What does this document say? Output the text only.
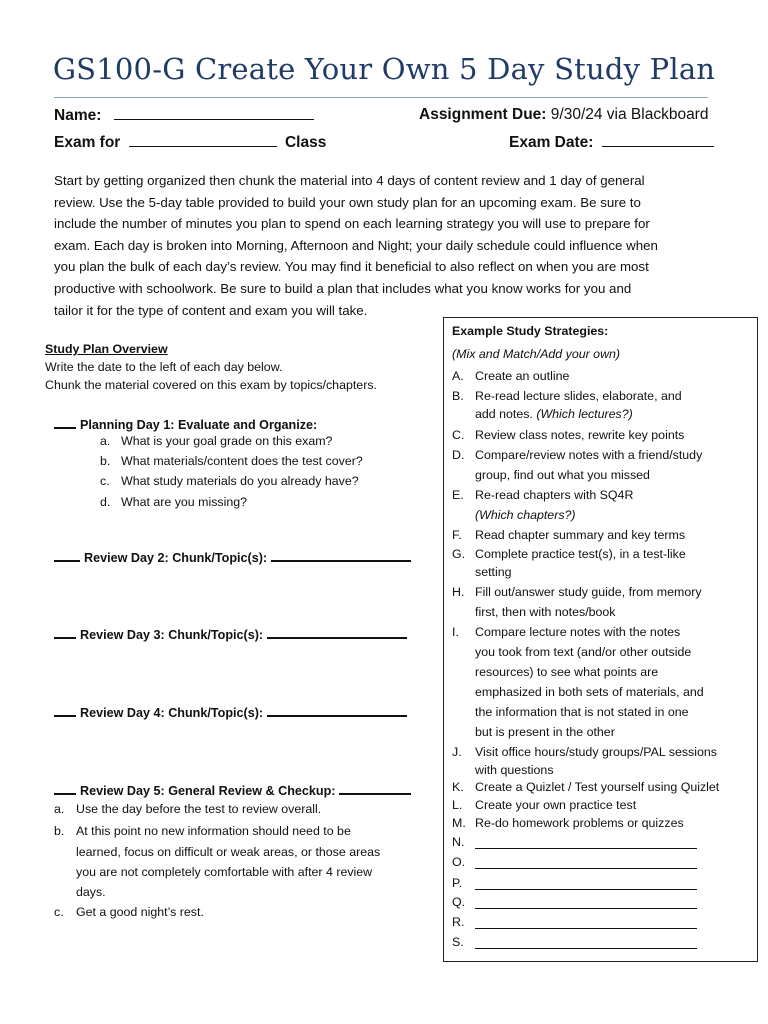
GS100-G Create Your Own 5 Day Study Plan
Name:	Assignment Due: 9/30/24 via Blackboard
Exam for	Class	Exam Date:

Start by getting organized then chunk the material into 4 days of content review and 1 day of general

review. Use the 5-day table provided to build your own study plan for an upcoming exam. Be sure to

include the number of minutes you plan to spend on each learning strategy you will use to prepare for

exam. Each day is broken into Morning, Afternoon and Night; your daily schedule could influence when

you plan the bulk of each day’s review. You may find it beneficial to also reflect on when you are most

productive with schoolwork. Be sure to build a plan that includes what you know works for you and

tailor it for the type of content and exam you will take.

Study Plan Overview
Write the date to the left of each day below.
Chunk the material covered on this exam by topics/chapters.
Planning Day 1: Evaluate and Organize:
a. What is your goal grade on this exam?
b. What materials/content does the test cover?
c. What study materials do you already have?
d. What are you missing?
Review Day 2: Chunk/Topic(s):
Review Day 3: Chunk/Topic(s):
Review Day 4: Chunk/Topic(s):
Review Day 5: General Review & Checkup:
a. Use the day before the test to review overall.
b. At this point no new information should need to be
learned, focus on difficult or weak areas, or those areas
you are not completely comfortable with after 4 review
days.
c. Get a good night’s rest.
Example Study Strategies:
(Mix and Match/Add your own)
A. Create an outline
B. Re-read lecture slides, elaborate, and
add notes. (Which lectures?)
C. Review class notes, rewrite key points
D. Compare/review notes with a friend/study
group, find out what you missed
E. Re-read chapters with SQ4R
(Which chapters?)
F. Read chapter summary and key terms
G. Complete practice test(s), in a test-like
setting
H. Fill out/answer study guide, from memory
first, then with notes/book
I. Compare lecture notes with the notes
you took from text (and/or other outside
resources) to see what points are
emphasized in both sets of materials, and
the information that is not stated in one
but is present in the other
J. Visit office hours/study groups/PAL sessions
with questions
K. Create a Quizlet / Test yourself using Quizlet
L. Create your own practice test
M. Re-do homework problems or quizzes
N.
O.
P.
Q.
R.
S.
